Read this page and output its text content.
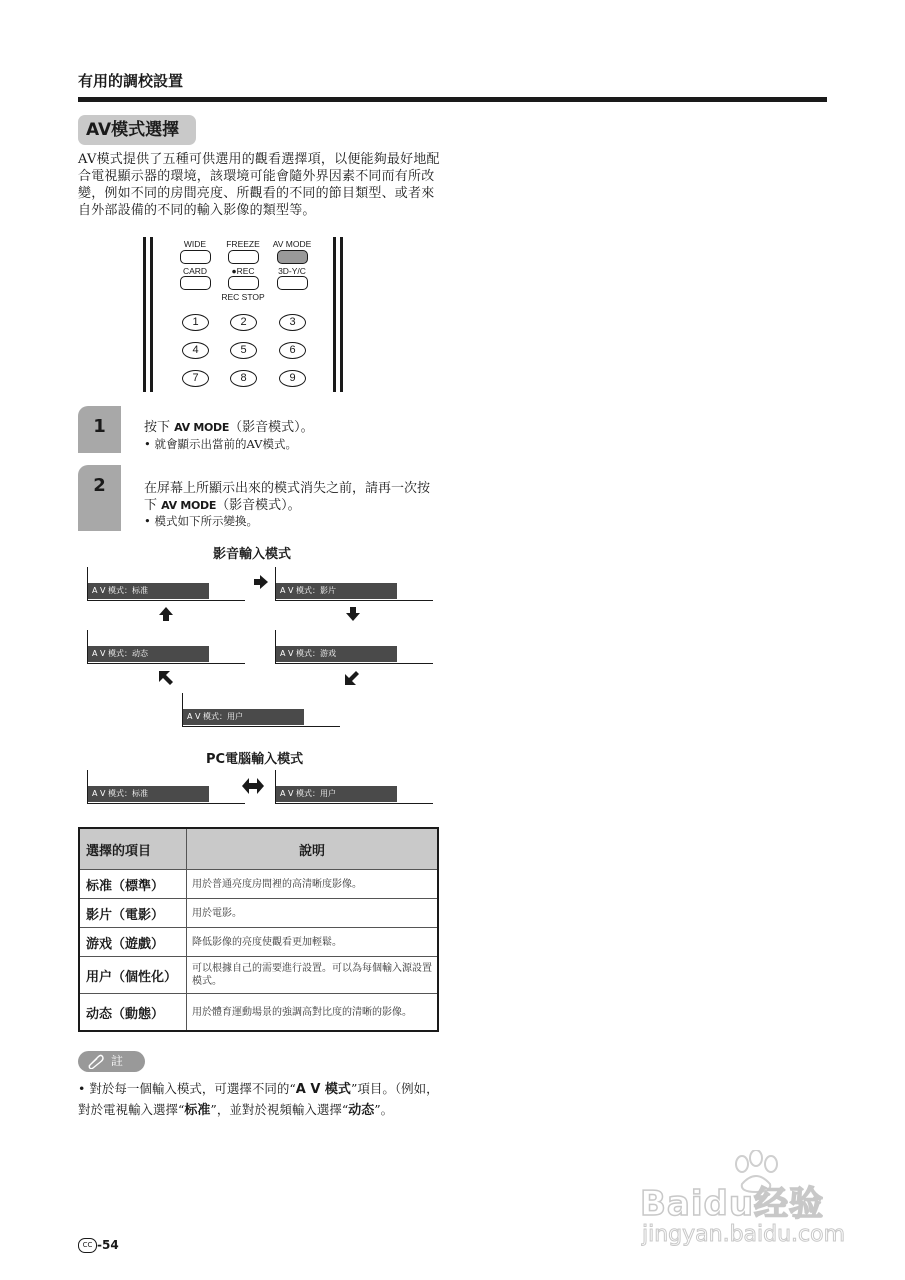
有用的調校設置
AV模式選擇
AV模式提供了五種可供選用的觀看選擇項，以便能夠最好地配合電視顯示器的環境，該環境可能會隨外界因素不同而有所改變，例如不同的房間亮度、所觀看的不同的節目類型、或者來自外部設備的不同的輸入影像的類型等。
WIDE	FREEZE	AV MODE
CARD	●REC	3D-Y/C
REC STOP
1	2	3
4	5	6
7	8	9
1	按下 AV MODE（影音模式）。
• 就會顯示出當前的AV模式。
2	在屏幕上所顯示出來的模式消失之前，請再一次按下 AV MODE（影音模式）。
• 模式如下所示變換。
影音輸入模式
A V 模式：标准	A V 模式：影片
A V 模式：动态	A V 模式：游戏
A V 模式：用户
PC電腦輸入模式
A V 模式：标准	A V 模式：用户
選擇的項目	說明
标准（標準）	用於普通亮度房間裡的高清晰度影像。
影片（電影）	用於電影。
游戏（遊戲）	降低影像的亮度使觀看更加輕鬆。
用户（個性化）	可以根據自己的需要進行設置。可以為每個輸入源設置模式。
动态（動態）	用於體育運動場景的強調高對比度的清晰的影像。
註
• 對於每一個輸入模式，可選擇不同的“A V 模式”項目。（例如，對於電視輸入選擇“标准”，並對於視頻輸入選擇“动态”。
CC -54
Baidu经验
jingyan.baidu.com
